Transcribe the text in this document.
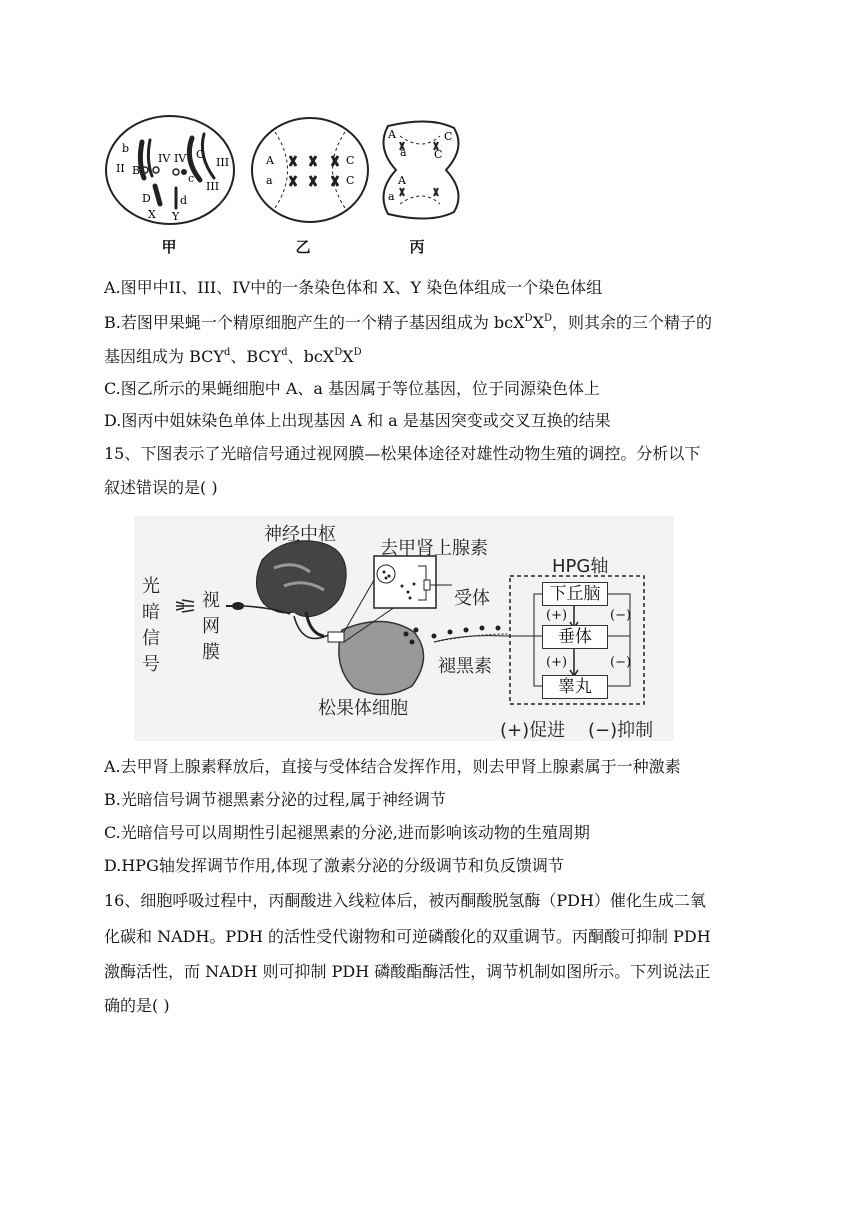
b
II
IV IV C
III
B
c
III
D	d
X Y
A
a
C
C
A
a
C
C
A
a
甲	乙	丙
A.图甲中II、III、IV中的一条染色体和 X、Y 染色体组成一个染色体组
B.若图甲果蝇一个精原细胞产生的一个精子基因组成为 $bcX^DX^D$，则其余的三个精子的
基因组成为 BCY$^d$、BCY$^d$、$bcX^DX^D$
C.图乙所示的果蝇细胞中 A、a 基因属于等位基因，位于同源染色体上
D.图丙中姐妹染色单体上出现基因 A 和 a 是基因突变或交叉互换的结果
15、下图表示了光暗信号通过视网膜—松果体途径对雄性动物生殖的调控。分析以下
叙述错误的是( )
神经中枢
去甲肾上腺素
受体
HPG轴
光
暗
信
号
视
网
膜
下丘脑
垂体
睾丸
(+)
(+)
(−)
(−)
褪黑素
松果体细胞
(+)促进    (−)抑制
A.去甲肾上腺素释放后，直接与受体结合发挥作用，则去甲肾上腺素属于一种激素
B.光暗信号调节褪黑素分泌的过程,属于神经调节
C.光暗信号可以周期性引起褪黑素的分泌,进而影响该动物的生殖周期
D.HPG轴发挥调节作用,体现了激素分泌的分级调节和负反馈调节
16、细胞呼吸过程中，丙酮酸进入线粒体后，被丙酮酸脱氢酶（PDH）催化生成二氧
化碳和 NADH。PDH 的活性受代谢物和可逆磷酸化的双重调节。丙酮酸可抑制 PDH
激酶活性，而 NADH 则可抑制 PDH 磷酸酯酶活性，调节机制如图所示。下列说法正
确的是( )
